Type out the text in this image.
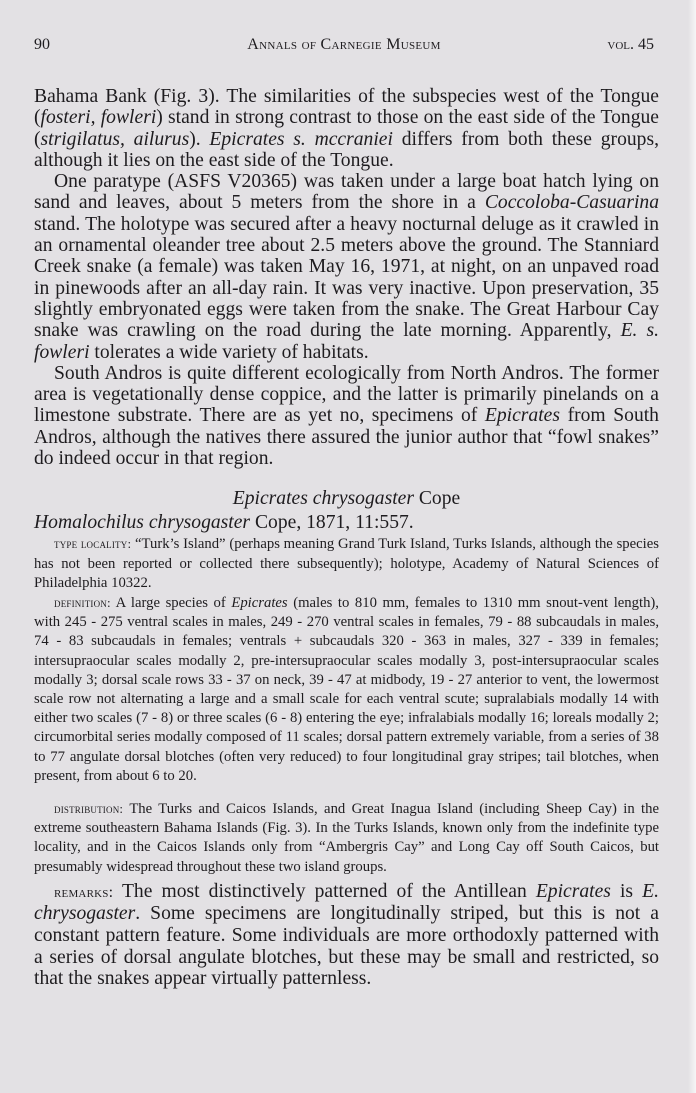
90	Annals of Carnegie Museum	vol. 45

Bahama Bank (Fig. 3). The similarities of the subspecies west of the Tongue (fosteri, fowleri) stand in strong contrast to those on the east side of the Tongue (strigilatus, ailurus). Epicrates s. mccraniei differs from both these groups, although it lies on the east side of the Tongue.

One paratype (ASFS V20365) was taken under a large boat hatch lying on sand and leaves, about 5 meters from the shore in a Coccoloba-Casuarina stand. The holotype was secured after a heavy nocturnal deluge as it crawled in an ornamental oleander tree about 2.5 meters above the ground. The Stanniard Creek snake (a female) was taken May 16, 1971, at night, on an unpaved road in pinewoods after an all-day rain. It was very inactive. Upon preservation, 35 slightly embryonated eggs were taken from the snake. The Great Harbour Cay snake was crawling on the road during the late morning. Apparently, E. s. fowleri tolerates a wide variety of habitats.

South Andros is quite different ecologically from North Andros. The former area is vegetationally dense coppice, and the latter is primarily pinelands on a limestone substrate. There are as yet no, specimens of Epicrates from South Andros, although the natives there assured the junior author that “fowl snakes” do indeed occur in that region.

Epicrates chrysogaster Cope
Homalochilus chrysogaster Cope, 1871, 11:557.

type locality: “Turk’s Island” (perhaps meaning Grand Turk Island, Turks Islands, although the species has not been reported or collected there subsequently); holotype, Academy of Natural Sciences of Philadelphia 10322.

definition: A large species of Epicrates (males to 810 mm, females to 1310 mm snout-vent length), with 245 - 275 ventral scales in males, 249 - 270 ventral scales in females, 79 - 88 subcaudals in males, 74 - 83 subcaudals in females; ventrals + subcaudals 320 - 363 in males, 327 - 339 in females; intersupraocular scales modally 2, pre-intersupraocular scales modally 3, post-intersupraocular scales modally 3; dorsal scale rows 33 - 37 on neck, 39 - 47 at midbody, 19 - 27 anterior to vent, the lowermost scale row not alternating a large and a small scale for each ventral scute; supralabials modally 14 with either two scales (7 - 8) or three scales (6 - 8) entering the eye; infralabials modally 16; loreals modally 2; circumorbital series modally composed of 11 scales; dorsal pattern extremely variable, from a series of 38 to 77 angulate dorsal blotches (often very reduced) to four longitudinal gray stripes; tail blotches, when present, from about 6 to 20.

distribution: The Turks and Caicos Islands, and Great Inagua Island (including Sheep Cay) in the extreme southeastern Bahama Islands (Fig. 3). In the Turks Islands, known only from the indefinite type locality, and in the Caicos Islands only from “Ambergris Cay” and Long Cay off South Caicos, but presumably widespread throughout these two island groups.

remarks: The most distinctively patterned of the Antillean Epicrates is E. chrysogaster. Some specimens are longitudinally striped, but this is not a constant pattern feature. Some individuals are more orthodoxly patterned with a series of dorsal angulate blotches, but these may be small and restricted, so that the snakes appear virtually patternless.
